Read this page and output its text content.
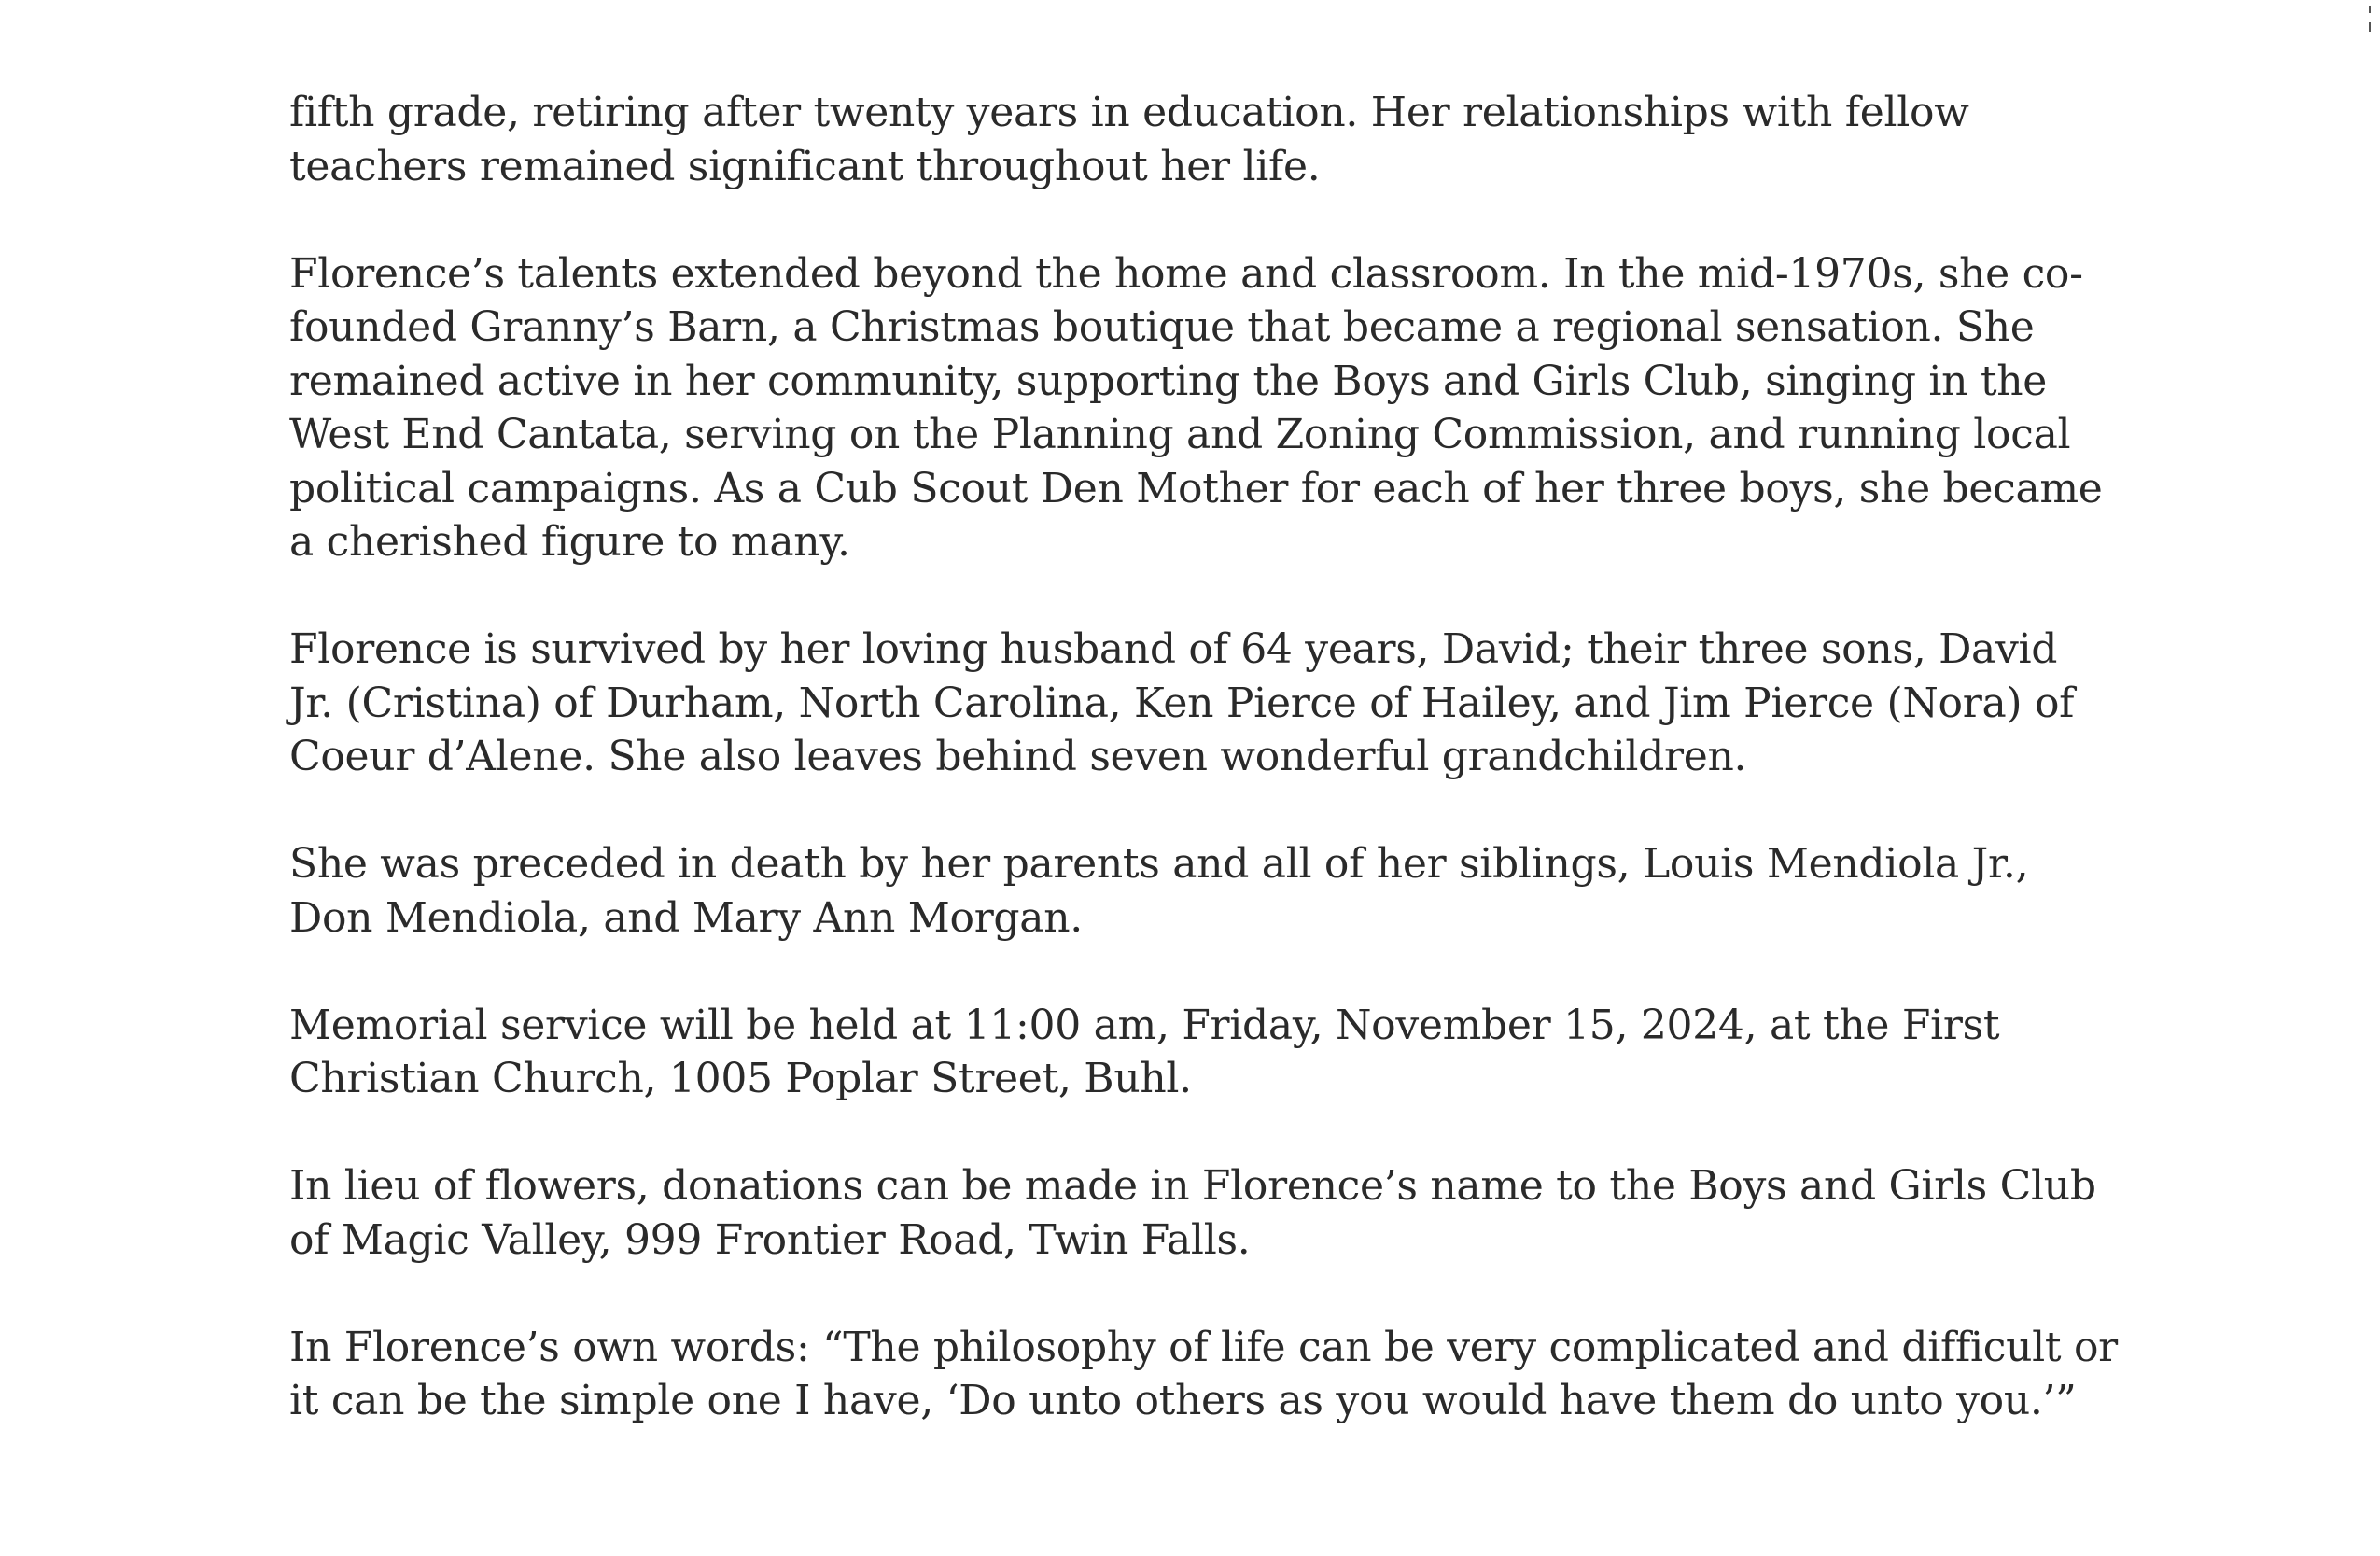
fifth grade, retiring after twenty years in education. Her relationships with fellow
teachers remained significant throughout her life.

Florence’s talents extended beyond the home and classroom. In the mid-1970s, she co-
founded Granny’s Barn, a Christmas boutique that became a regional sensation. She
remained active in her community, supporting the Boys and Girls Club, singing in the
West End Cantata, serving on the Planning and Zoning Commission, and running local
political campaigns. As a Cub Scout Den Mother for each of her three boys, she became
a cherished figure to many.

Florence is survived by her loving husband of 64 years, David; their three sons, David
Jr. (Cristina) of Durham, North Carolina, Ken Pierce of Hailey, and Jim Pierce (Nora) of
Coeur d’Alene. She also leaves behind seven wonderful grandchildren.

She was preceded in death by her parents and all of her siblings, Louis Mendiola Jr.,
Don Mendiola, and Mary Ann Morgan.

Memorial service will be held at 11:00 am, Friday, November 15, 2024, at the First
Christian Church, 1005 Poplar Street, Buhl.

In lieu of flowers, donations can be made in Florence’s name to the Boys and Girls Club
of Magic Valley, 999 Frontier Road, Twin Falls.

In Florence’s own words: “The philosophy of life can be very complicated and difficult or
it can be the simple one I have, ‘Do unto others as you would have them do unto you.’”
